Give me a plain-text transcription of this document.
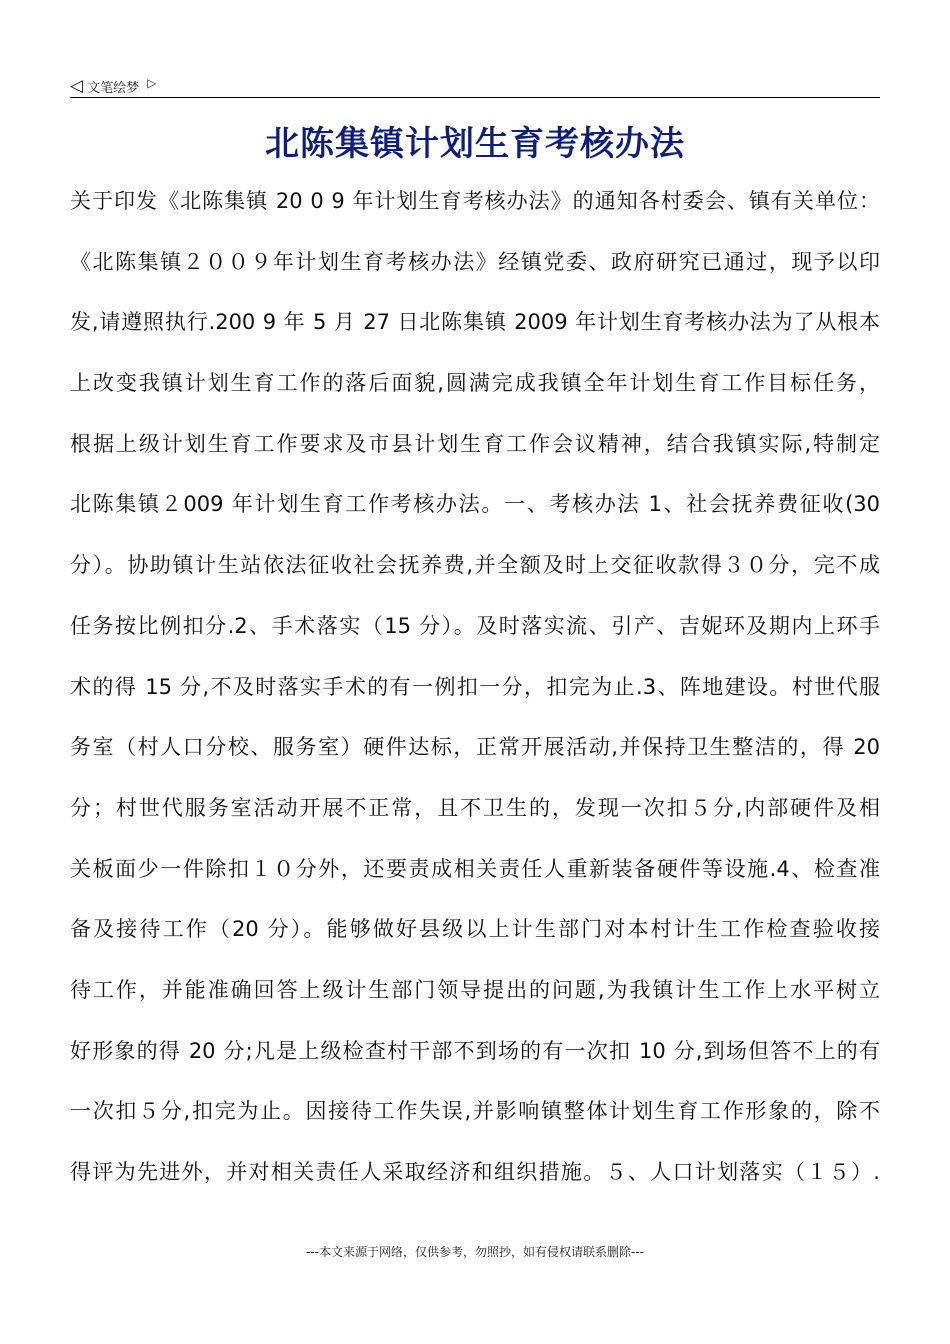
◁ 文笔绘梦 ▷
北陈集镇计划生育考核办法
关于印发《北陈集镇 20 0 9 年计划生育考核办法》的通知各村委会、镇有关单位：
《北陈集镇２００９年计划生育考核办法》经镇党委、政府研究已通过，现予以印
发,请遵照执行.200 9 年 5 月 27 日北陈集镇 2009 年计划生育考核办法为了从根本
上改变我镇计划生育工作的落后面貌,圆满完成我镇全年计划生育工作目标任务，
根据上级计划生育工作要求及市县计划生育工作会议精神，结合我镇实际,特制定
北陈集镇２009 年计划生育工作考核办法。一、考核办法 1、社会抚养费征收(30
分）。协助镇计生站依法征收社会抚养费,并全额及时上交征收款得３０分，完不成
任务按比例扣分.2、手术落实（15 分）。及时落实流、引产、吉妮环及期内上环手
术的得 15 分,不及时落实手术的有一例扣一分，扣完为止.3、阵地建设。村世代服
务室（村人口分校、服务室）硬件达标，正常开展活动,并保持卫生整洁的，得 20
分；村世代服务室活动开展不正常，且不卫生的，发现一次扣５分,内部硬件及相
关板面少一件除扣１０分外，还要责成相关责任人重新装备硬件等设施.4、检查准
备及接待工作（20 分）。能够做好县级以上计生部门对本村计生工作检查验收接
待工作，并能准确回答上级计生部门领导提出的问题,为我镇计生工作上水平树立
好形象的得 20 分;凡是上级检查村干部不到场的有一次扣 10 分,到场但答不上的有
一次扣５分,扣完为止。因接待工作失误,并影响镇整体计划生育工作形象的，除不
得评为先进外，并对相关责任人采取经济和组织措施。５、人口计划落实（１５）.
---本文来源于网络，仅供参考，勿照抄，如有侵权请联系删除---
